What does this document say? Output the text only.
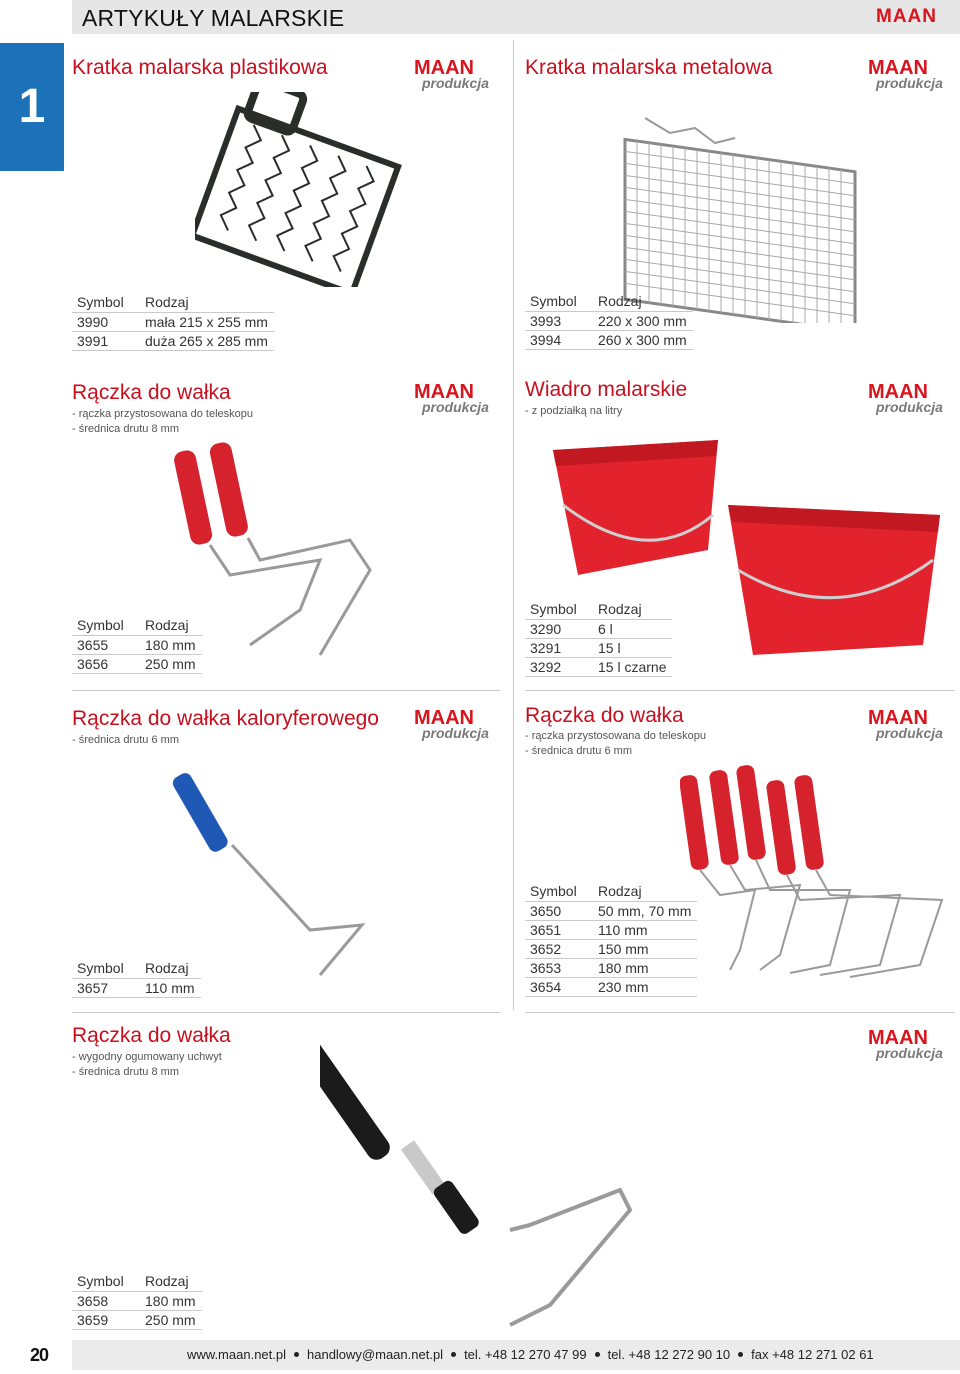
ARTYKUŁY MALARSKIE	MAAN
1
Kratka malarska plastikowa	MAAN
produkcja
Symbol	Rodzaj
3990	mała 215 x 255 mm
3991	duża 265 x 285 mm
Kratka malarska metalowa	MAAN
produkcja
Symbol	Rodzaj
3993	220 x 300 mm
3994	260 x 300 mm
Rączka do wałka
- rączka przystosowana do teleskopu
- średnica drutu 8 mm
MAAN
produkcja
Symbol	Rodzaj
3655	180 mm
3656	250 mm
Wiadro malarskie
- z podziałką na litry
MAAN
produkcja
Symbol	Rodzaj
3290	6 l
3291	15 l
3292	15 l czarne
Rączka do wałka kaloryferowego
- średnica drutu 6 mm
MAAN
produkcja
Symbol	Rodzaj
3657	110 mm
Rączka do wałka
- rączka przystosowana do teleskopu
- średnica drutu 6 mm
MAAN
produkcja
Symbol	Rodzaj
3650	50 mm, 70 mm
3651	110 mm
3652	150 mm
3653	180 mm
3654	230 mm
Rączka do wałka
- wygodny ogumowany uchwyt
- średnica drutu 8 mm
MAAN
produkcja
Symbol	Rodzaj
3658	180 mm
3659	250 mm
20	www.maan.net.pl handlowy@maan.net.pl tel. +48 12 270 47 99 tel. +48 12 272 90 10 fax +48 12 271 02 61
